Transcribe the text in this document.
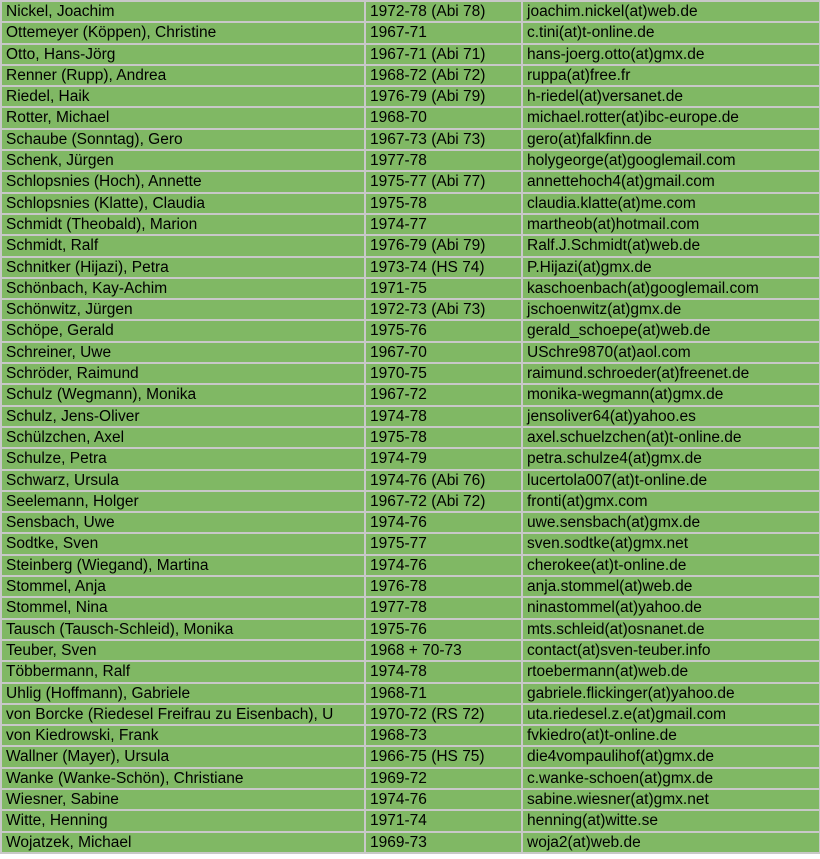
Nickel, Joachim	1972-78 (Abi 78)	joachim.nickel(at)web.de
Ottemeyer (Köppen), Christine	1967-71	c.tini(at)t-online.de
Otto, Hans-Jörg	1967-71 (Abi 71)	hans-joerg.otto(at)gmx.de
Renner (Rupp), Andrea	1968-72 (Abi 72)	ruppa(at)free.fr
Riedel, Haik	1976-79 (Abi 79)	h-riedel(at)versanet.de
Rotter, Michael	1968-70	michael.rotter(at)ibc-europe.de
Schaube (Sonntag), Gero	1967-73 (Abi 73)	gero(at)falkfinn.de
Schenk, Jürgen	1977-78	holygeorge(at)googlemail.com
Schlopsnies (Hoch), Annette	1975-77 (Abi 77)	annettehoch4(at)gmail.com
Schlopsnies (Klatte), Claudia	1975-78	claudia.klatte(at)me.com
Schmidt (Theobald), Marion	1974-77	martheob(at)hotmail.com
Schmidt, Ralf	1976-79 (Abi 79)	Ralf.J.Schmidt(at)web.de
Schnitker (Hijazi), Petra	1973-74 (HS 74)	P.Hijazi(at)gmx.de
Schönbach, Kay-Achim	1971-75	kaschoenbach(at)googlemail.com
Schönwitz, Jürgen	1972-73 (Abi 73)	jschoenwitz(at)gmx.de
Schöpe, Gerald	1975-76	gerald_schoepe(at)web.de
Schreiner, Uwe	1967-70	USchre9870(at)aol.com
Schröder, Raimund	1970-75	raimund.schroeder(at)freenet.de
Schulz (Wegmann), Monika	1967-72	monika-wegmann(at)gmx.de
Schulz, Jens-Oliver	1974-78	jensoliver64(at)yahoo.es
Schülzchen, Axel	1975-78	axel.schuelzchen(at)t-online.de
Schulze, Petra	1974-79	petra.schulze4(at)gmx.de
Schwarz, Ursula	1974-76 (Abi 76)	lucertola007(at)t-online.de
Seelemann, Holger	1967-72 (Abi 72)	fronti(at)gmx.com
Sensbach, Uwe	1974-76	uwe.sensbach(at)gmx.de
Sodtke, Sven	1975-77	sven.sodtke(at)gmx.net
Steinberg (Wiegand), Martina	1974-76	cherokee(at)t-online.de
Stommel, Anja	1976-78	anja.stommel(at)web.de
Stommel, Nina	1977-78	ninastommel(at)yahoo.de
Tausch (Tausch-Schleid), Monika	1975-76	mts.schleid(at)osnanet.de
Teuber, Sven	1968 + 70-73	contact(at)sven-teuber.info
Többermann, Ralf	1974-78	rtoebermann(at)web.de
Uhlig (Hoffmann), Gabriele	1968-71	gabriele.flickinger(at)yahoo.de
von Borcke (Riedesel Freifrau zu Eisenbach), U	1970-72 (RS 72)	uta.riedesel.z.e(at)gmail.com
von Kiedrowski, Frank	1968-73	fvkiedro(at)t-online.de
Wallner (Mayer), Ursula	1966-75 (HS 75)	die4vompaulihof(at)gmx.de
Wanke (Wanke-Schön), Christiane	1969-72	c.wanke-schoen(at)gmx.de
Wiesner, Sabine	1974-76	sabine.wiesner(at)gmx.net
Witte, Henning	1971-74	henning(at)witte.se
Wojatzek, Michael	1969-73	woja2(at)web.de
